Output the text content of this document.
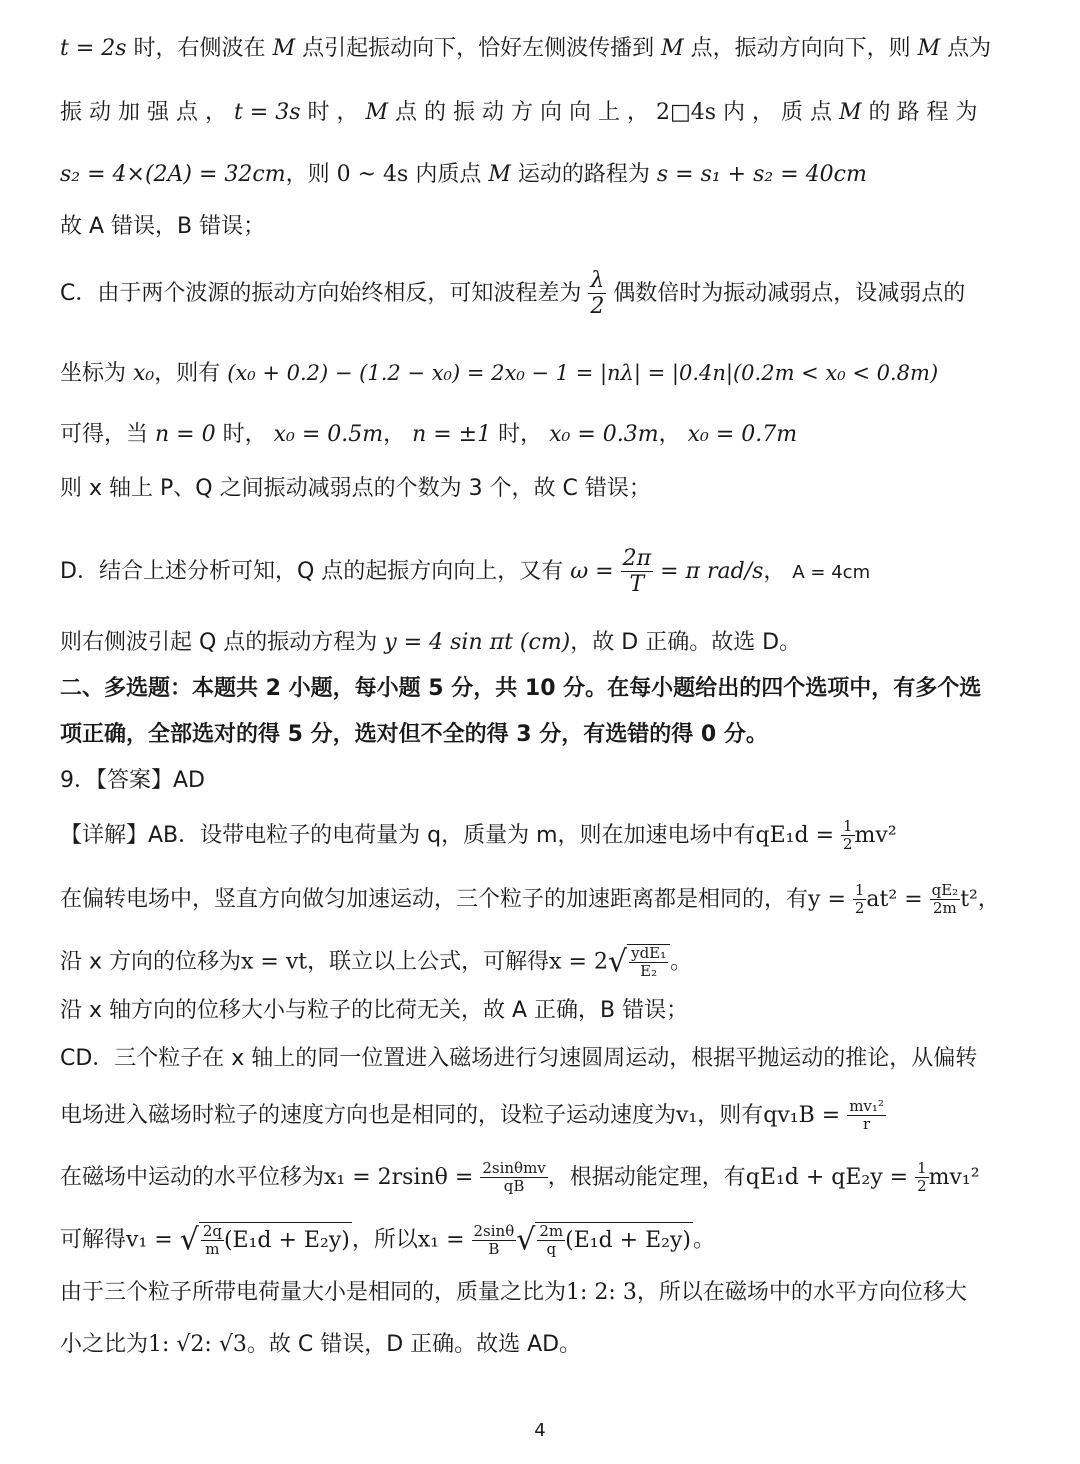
t = 2s 时，右侧波在 M 点引起振动向下，恰好左侧波传播到 M 点，振动方向向下，则 M 点为
振 动 加 强 点 ， t = 3s 时 ， M 点 的 振 动 方 向 向 上 ， 2□4s 内 ， 质 点 M 的 路 程 为
s₂ = 4×(2A) = 32cm，则 0 ~ 4s 内质点 M 运动的路程为 s = s₁ + s₂ = 40cm
故 A 错误，B 错误；
C．由于两个波源的振动方向始终相反，可知波程差为 $\frac{\lambda}{2}$ 偶数倍时为振动减弱点，设减弱点的
坐标为 x₀，则有 (x₀ + 0.2) − (1.2 − x₀) = 2x₀ − 1 = |nλ| = |0.4n|(0.2m < x₀ < 0.8m)
可得，当 n = 0 时， x₀ = 0.5m， n = ±1 时， x₀ = 0.3m， x₀ = 0.7m
则 x 轴上 P、Q 之间振动减弱点的个数为 3 个，故 C 错误；
D．结合上述分析可知，Q 点的起振方向向上，又有 $\omega = \frac{2\pi}{T} = \pi$ rad/s， A = 4cm
则右侧波引起 Q 点的振动方程为 y = 4 sin πt (cm)，故 D 正确。故选 D。
二、多选题：本题共 2 小题，每小题 5 分，共 10 分。在每小题给出的四个选项中，有多个选
项正确，全部选对的得 5 分，选对但不全的得 3 分，有选错的得 0 分。
9．【答案】AD
【详解】AB．设带电粒子的电荷量为 q，质量为 m，则在加速电场中有$qE_1d = \frac{1}{2} mv^2$
在偏转电场中，竖直方向做匀加速运动，三个粒子的加速距离都是相同的，有$y = \frac{1}{2} at^2 = \frac{\text{qE₂}}{2m} t^2$，
沿 x 方向的位移为x = vt，联立以上公式，可解得$x = 2√ \frac{\text{ydE₁}}{\text{E₂}}$ 。
沿 x 轴方向的位移大小与粒子的比荷无关，故 A 正确，B 错误；
CD．三个粒子在 x 轴上的同一位置进入磁场进行匀速圆周运动，根据平抛运动的推论，从偏转
电场进入磁场时粒子的速度方向也是相同的，设粒子运动速度为v₁，则有$qv_1B = \frac{\text{mv₁²}}{r}$
在磁场中运动的水平位移为$x_1 = 2rsin\theta = \frac{\text{2sinθmv}}{qB}$ ，根据动能定理，有$qE_1d + qE_2y = \frac{1}{2} mv_1^2$
可解得v₁ = √ $\frac{2q}{m} (E_1d + E_2y)$，所以$x_1 = \frac{2\sin\theta}{B}$ √ $\frac{2m}{q} (E_1d + E_2y)$。
由于三个粒子所带电荷量大小是相同的，质量之比为1: 2: 3，所以在磁场中的水平方向位移大
小之比为1: √2: √3。故 C 错误，D 正确。故选 AD。
4
